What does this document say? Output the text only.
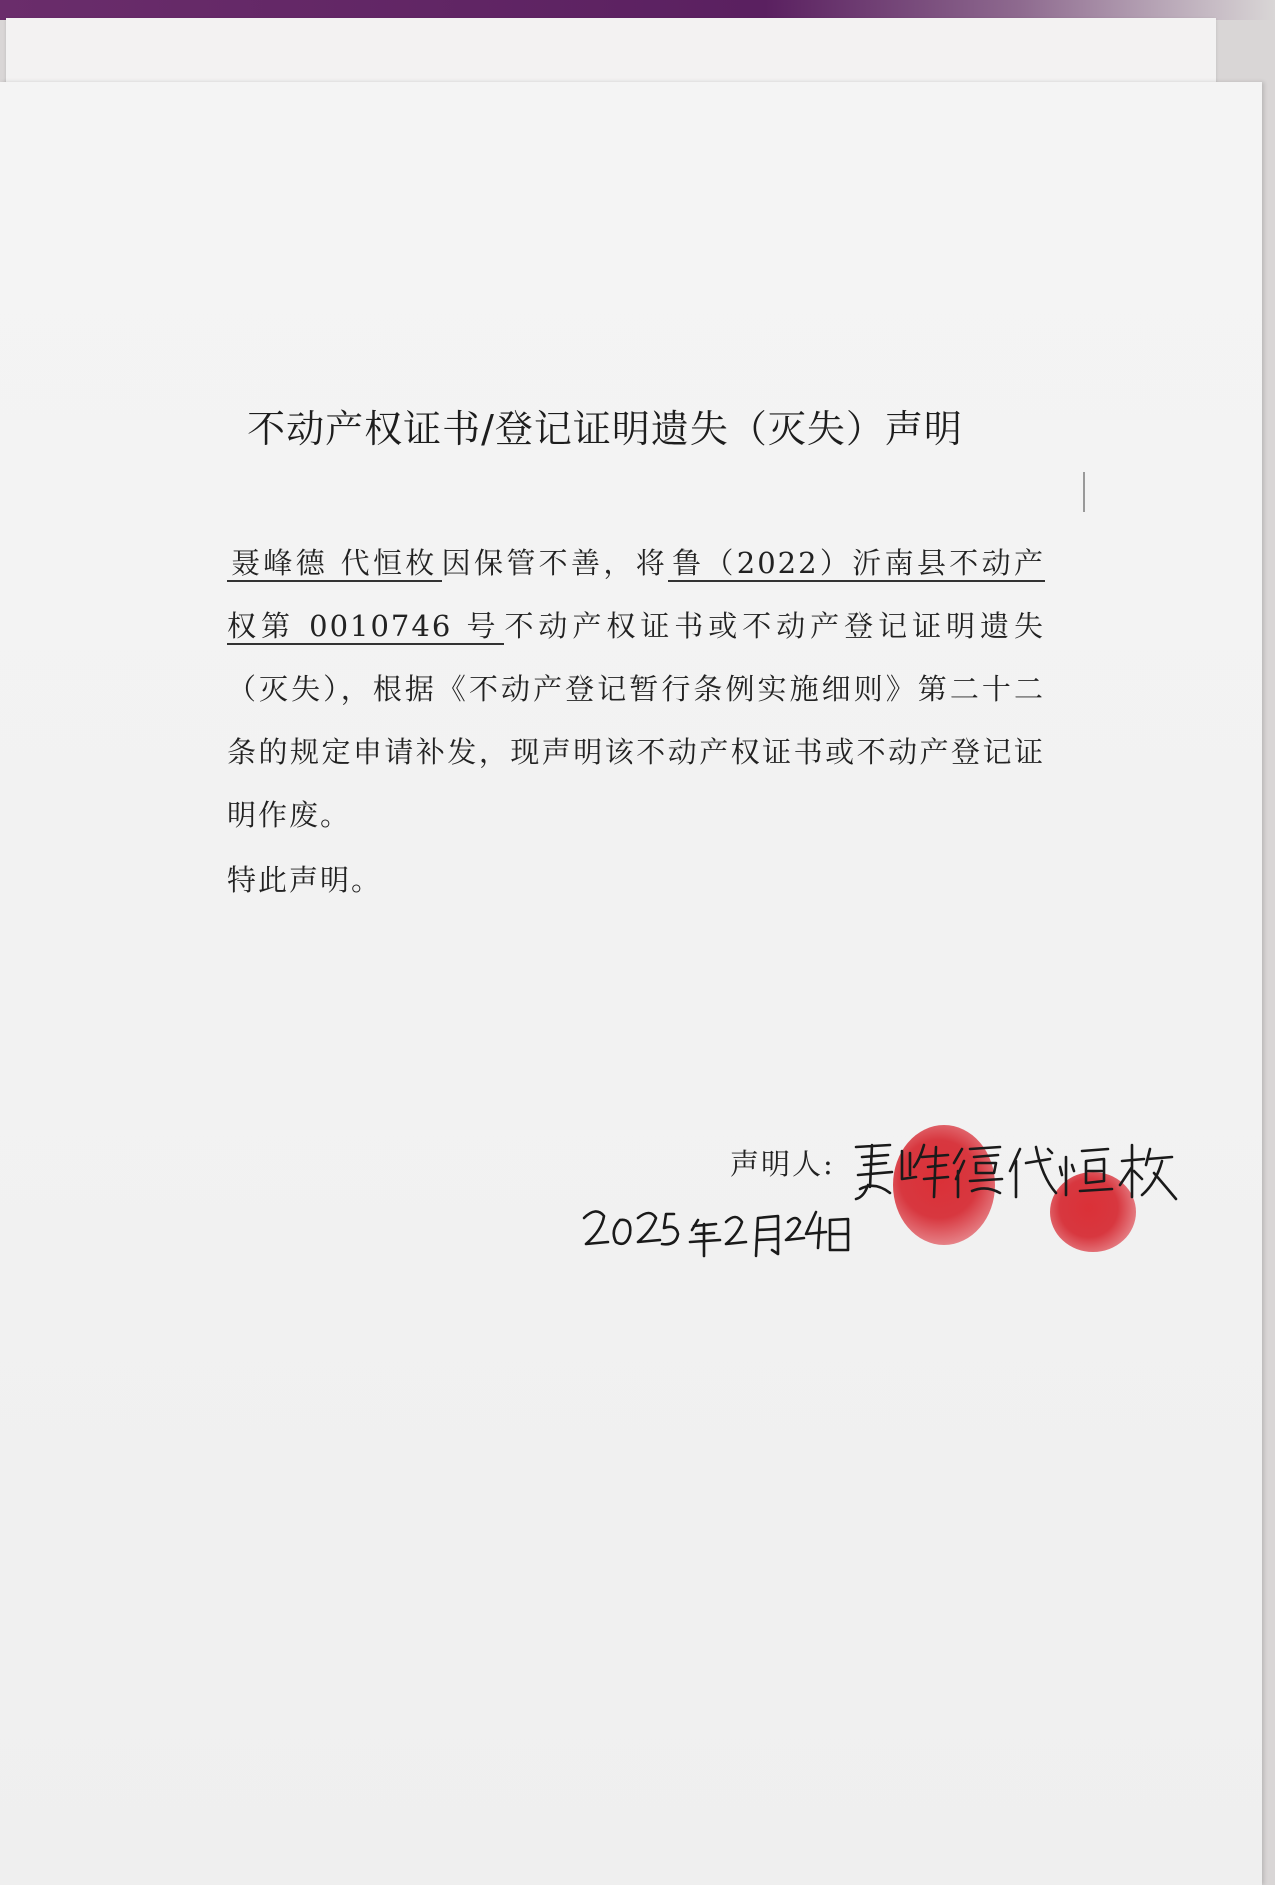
不动产权证书/登记证明遗失（灭失）声明

聂峰德 代恒枚 因保管不善，将 鲁（2022）沂南县不动产权第 0010746 号 不动产权证书或不动产登记证明遗失（灭失），根据《不动产登记暂行条例实施细则》第二十二条的规定申请补发，现声明该不动产权证书或不动产登记证明作废。

特此声明。

声明人:
